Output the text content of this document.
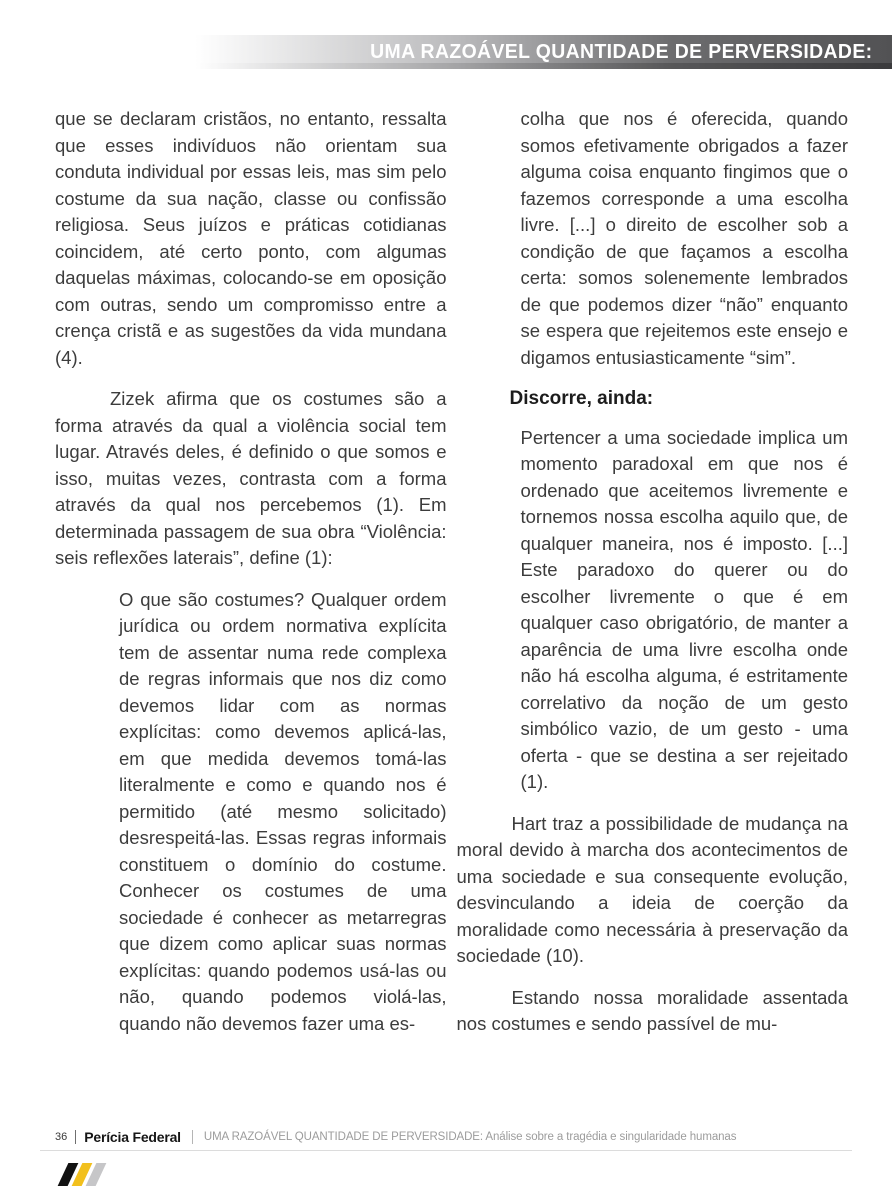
UMA RAZOÁVEL QUANTIDADE DE PERVERSIDADE:

que se declaram cristãos, no entanto, ressalta que esses indivíduos não orientam sua conduta individual por essas leis, mas sim pelo costume da sua nação, classe ou confissão religiosa. Seus juízos e práticas cotidianas coincidem, até certo ponto, com algumas daquelas máximas, colocando-se em oposição com outras, sendo um compromisso entre a crença cristã e as sugestões da vida mundana (4).

Zizek afirma que os costumes são a forma através da qual a violência social tem lugar. Através deles, é definido o que somos e isso, muitas vezes, contrasta com a forma através da qual nos percebemos (1). Em determinada passagem de sua obra “Violência: seis reflexões laterais”, define (1):

O que são costumes? Qualquer ordem jurídica ou ordem normativa explícita tem de assentar numa rede complexa de regras informais que nos diz como devemos lidar com as normas explícitas: como devemos aplicá-las, em que medida devemos tomá-las literalmente e como e quando nos é permitido (até mesmo solicitado) desrespeitá-las. Essas regras informais constituem o domínio do costume. Conhecer os costumes de uma sociedade é conhecer as metarregras que dizem como aplicar suas normas explícitas: quando podemos usá-las ou não, quando podemos violá-las, quando não devemos fazer uma es-
colha que nos é oferecida, quando somos efetivamente obrigados a fazer alguma coisa enquanto fingimos que o fazemos corresponde a uma escolha livre. [...] o direito de escolher sob a condição de que façamos a escolha certa: somos solenemente lembrados de que podemos dizer “não” enquanto se espera que rejeitemos este ensejo e digamos entusiasticamente “sim”.
Discorre, ainda:
Pertencer a uma sociedade implica um momento paradoxal em que nos é ordenado que aceitemos livremente e tornemos nossa escolha aquilo que, de qualquer maneira, nos é imposto. [...] Este paradoxo do querer ou do escolher livremente o que é em qualquer caso obrigatório, de manter a aparência de uma livre escolha onde não há escolha alguma, é estritamente correlativo da noção de um gesto simbólico vazio, de um gesto - uma oferta - que se destina a ser rejeitado (1).

Hart traz a possibilidade de mudança na moral devido à marcha dos acontecimentos de uma sociedade e sua consequente evolução, desvinculando a ideia de coerção da moralidade como necessária à preservação da sociedade (10).

Estando nossa moralidade assentada nos costumes e sendo passível de mu-

36 Perícia Federal UMA RAZOÁVEL QUANTIDADE DE PERVERSIDADE: Análise sobre a tragédia e singularidade humanas
